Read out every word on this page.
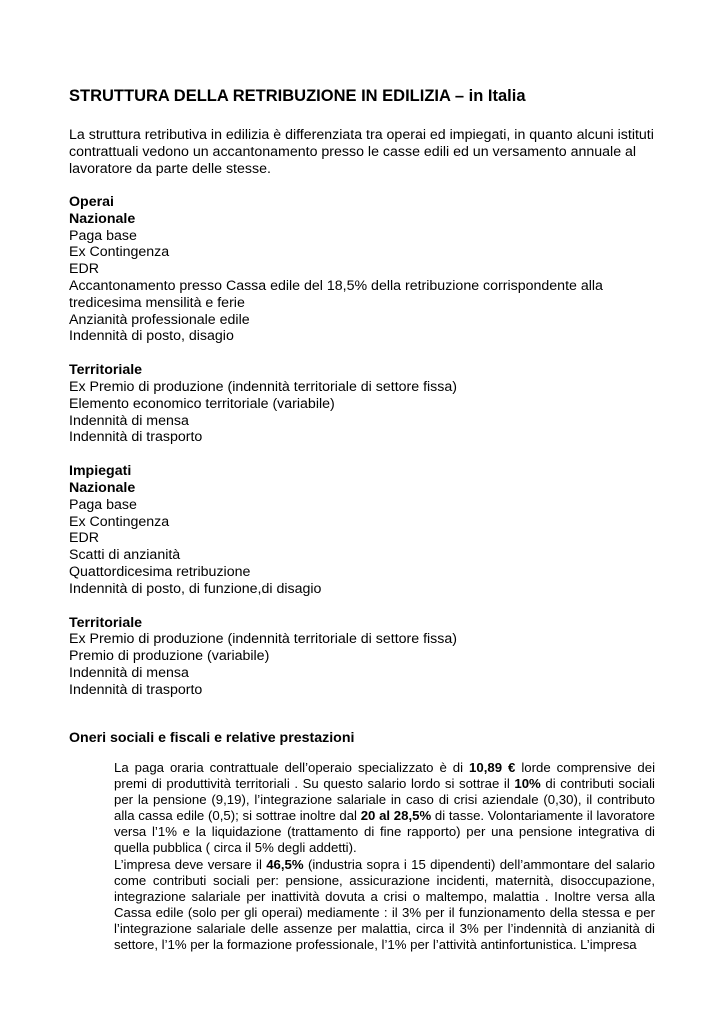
STRUTTURA DELLA RETRIBUZIONE IN EDILIZIA – in Italia

La struttura retributiva in edilizia è differenziata tra operai ed impiegati, in quanto alcuni istituti contrattuali vedono un accantonamento presso le casse edili ed un versamento annuale al lavoratore da parte delle stesse.

Operai
Nazionale
Paga base
Ex Contingenza
EDR
Accantonamento presso Cassa edile del 18,5% della retribuzione corrispondente alla tredicesima mensilità e ferie
Anzianità professionale edile
Indennità di posto, disagio
Territoriale
Ex Premio di produzione (indennità territoriale di settore fissa)
Elemento economico territoriale (variabile)
Indennità di mensa
Indennità di trasporto
Impiegati
Nazionale
Paga base
Ex Contingenza
EDR
Scatti di anzianità
Quattordicesima retribuzione
Indennità di posto, di funzione,di disagio
Territoriale
Ex Premio di produzione (indennità territoriale di settore fissa)
Premio di produzione (variabile)
Indennità di mensa
Indennità di trasporto
Oneri sociali e fiscali e relative prestazioni

La paga oraria contrattuale dell’operaio specializzato è di 10,89 € lorde comprensive dei premi di produttività territoriali . Su questo salario lordo si sottrae il 10% di contributi sociali per la pensione (9,19), l’integrazione salariale in caso di crisi aziendale (0,30), il contributo alla cassa edile (0,5); si sottrae inoltre dal 20 al 28,5% di tasse. Volontariamente il lavoratore versa l’1% e la liquidazione (trattamento di fine rapporto) per una pensione integrativa di quella pubblica ( circa il 5% degli addetti).

L’impresa deve versare il 46,5% (industria sopra i 15 dipendenti) dell’ammontare del salario come contributi sociali per: pensione, assicurazione incidenti, maternità, disoccupazione, integrazione salariale per inattività dovuta a crisi o maltempo, malattia . Inoltre versa alla Cassa edile (solo per gli operai) mediamente : il 3% per il funzionamento della stessa e per l’integrazione salariale delle assenze per malattia, circa il 3% per l’indennità di anzianità di settore, l’1% per la formazione professionale, l’1% per l’attività antinfortunistica. L’impresa
